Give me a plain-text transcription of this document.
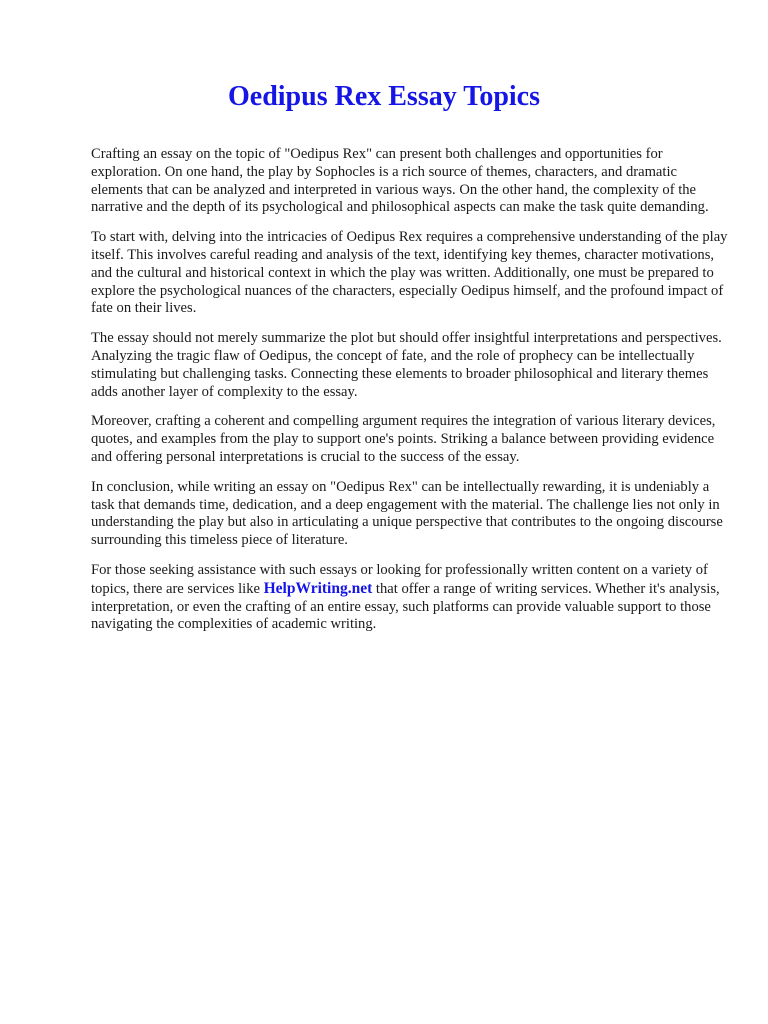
Oedipus Rex Essay Topics

Crafting an essay on the topic of "Oedipus Rex" can present both challenges and opportunities for exploration. On one hand, the play by Sophocles is a rich source of themes, characters, and dramatic elements that can be analyzed and interpreted in various ways. On the other hand, the complexity of the narrative and the depth of its psychological and philosophical aspects can make the task quite demanding.

To start with, delving into the intricacies of Oedipus Rex requires a comprehensive understanding of the play itself. This involves careful reading and analysis of the text, identifying key themes, character motivations, and the cultural and historical context in which the play was written. Additionally, one must be prepared to explore the psychological nuances of the characters, especially Oedipus himself, and the profound impact of fate on their lives.

The essay should not merely summarize the plot but should offer insightful interpretations and perspectives. Analyzing the tragic flaw of Oedipus, the concept of fate, and the role of prophecy can be intellectually stimulating but challenging tasks. Connecting these elements to broader philosophical and literary themes adds another layer of complexity to the essay.

Moreover, crafting a coherent and compelling argument requires the integration of various literary devices, quotes, and examples from the play to support one's points. Striking a balance between providing evidence and offering personal interpretations is crucial to the success of the essay.

In conclusion, while writing an essay on "Oedipus Rex" can be intellectually rewarding, it is undeniably a task that demands time, dedication, and a deep engagement with the material. The challenge lies not only in understanding the play but also in articulating a unique perspective that contributes to the ongoing discourse surrounding this timeless piece of literature.

For those seeking assistance with such essays or looking for professionally written content on a variety of topics, there are services like HelpWriting.net that offer a range of writing services. Whether it's analysis, interpretation, or even the crafting of an entire essay, such platforms can provide valuable support to those navigating the complexities of academic writing.
